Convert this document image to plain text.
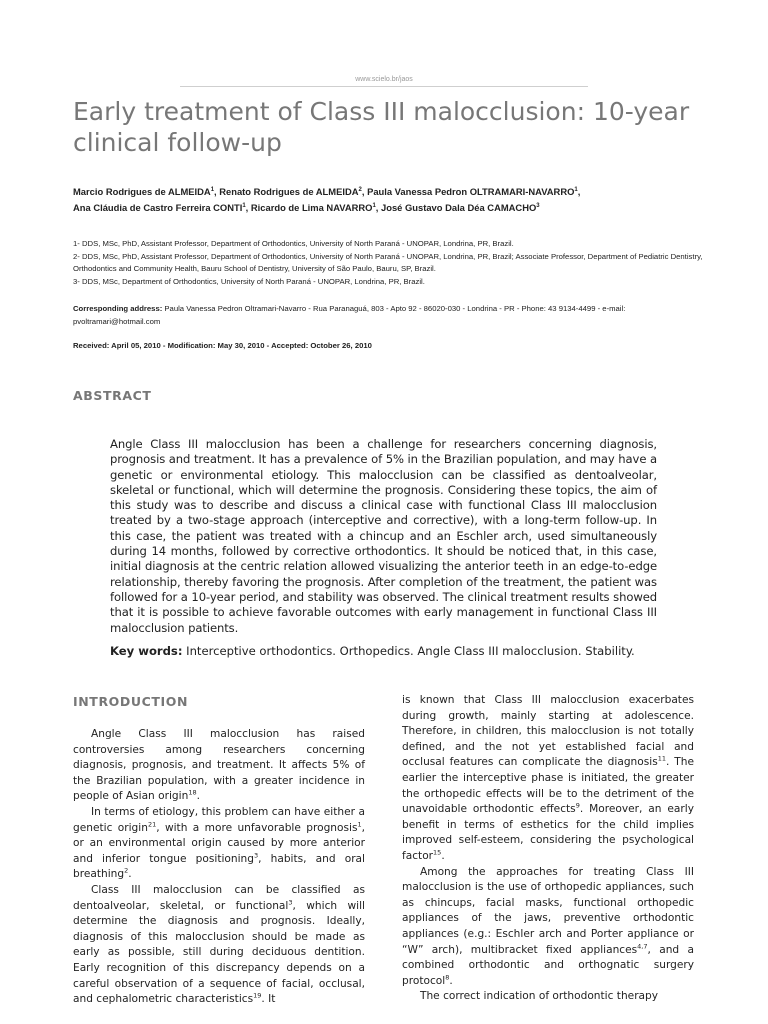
www.scielo.br/jaos
Early treatment of Class III malocclusion: 10-year clinical follow-up
Marcio Rodrigues de ALMEIDA$^1$, Renato Rodrigues de ALMEIDA$^2$, Paula Vanessa Pedron OLTRAMARI-NAVARRO$^1$,
Ana Cláudia de Castro Ferreira CONTI$^1$, Ricardo de Lima NAVARRO$^1$, José Gustavo Dala Déa CAMACHO$^3$
1- DDS, MSc, PhD, Assistant Professor, Department of Orthodontics, University of North Paraná - UNOPAR, Londrina, PR, Brazil.
2- DDS, MSc, PhD, Assistant Professor, Department of Orthodontics, University of North Paraná - UNOPAR, Londrina, PR, Brazil; Associate Professor, Department of Pediatric Dentistry, Orthodontics and Community Health, Bauru School of Dentistry, University of São Paulo, Bauru, SP, Brazil.
3- DDS, MSc, Department of Orthodontics, University of North Paraná - UNOPAR, Londrina, PR, Brazil.
Corresponding address: Paula Vanessa Pedron Oltramari-Navarro - Rua Paranaguá, 803 - Apto 92 - 86020-030 - Londrina - PR - Phone: 43 9134-4499 - e-mail: pvoltramari@hotmail.com
Received: April 05, 2010 - Modification: May 30, 2010 - Accepted: October 26, 2010
ABSTRACT
Angle Class III malocclusion has been a challenge for researchers concerning diagnosis, prognosis and treatment. It has a prevalence of 5% in the Brazilian population, and may have a genetic or environmental etiology. This malocclusion can be classified as dentoalveolar, skeletal or functional, which will determine the prognosis. Considering these topics, the aim of this study was to describe and discuss a clinical case with functional Class III malocclusion treated by a two-stage approach (interceptive and corrective), with a long-term follow-up. In this case, the patient was treated with a chincup and an Eschler arch, used simultaneously during 14 months, followed by corrective orthodontics. It should be noticed that, in this case, initial diagnosis at the centric relation allowed visualizing the anterior teeth in an edge-to-edge relationship, thereby favoring the prognosis. After completion of the treatment, the patient was followed for a 10-year period, and stability was observed. The clinical treatment results showed that it is possible to achieve favorable outcomes with early management in functional Class III malocclusion patients.
Key words: Interceptive orthodontics. Orthopedics. Angle Class III malocclusion. Stability.
INTRODUCTION

Angle Class III malocclusion has raised controversies among researchers concerning diagnosis, prognosis, and treatment. It affects 5% of the Brazilian population, with a greater incidence in people of Asian origin$^{18}$.

In terms of etiology, this problem can have either a genetic origin$^{21}$, with a more unfavorable prognosis$^1$, or an environmental origin caused by more anterior and inferior tongue positioning$^3$, habits, and oral breathing$^2$.

Class III malocclusion can be classified as dentoalveolar, skeletal, or functional$^3$, which will determine the diagnosis and prognosis. Ideally, diagnosis of this malocclusion should be made as early as possible, still during deciduous dentition. Early recognition of this discrepancy depends on a careful observation of a sequence of facial, occlusal, and cephalometric characteristics$^{19}$. It

is known that Class III malocclusion exacerbates during growth, mainly starting at adolescence. Therefore, in children, this malocclusion is not totally defined, and the not yet established facial and occlusal features can complicate the diagnosis$^{11}$. The earlier the interceptive phase is initiated, the greater the orthopedic effects will be to the detriment of the unavoidable orthodontic effects$^9$. Moreover, an early benefit in terms of esthetics for the child implies improved self-esteem, considering the psychological factor$^{15}$.

Among the approaches for treating Class III malocclusion is the use of orthopedic appliances, such as chincups, facial masks, functional orthopedic appliances of the jaws, preventive orthodontic appliances (e.g.: Eschler arch and Porter appliance or “W” arch), multibracket fixed appliances$^{4,7}$, and a combined orthodontic and orthognatic surgery protocol$^8$.

The correct indication of orthodontic therapy
